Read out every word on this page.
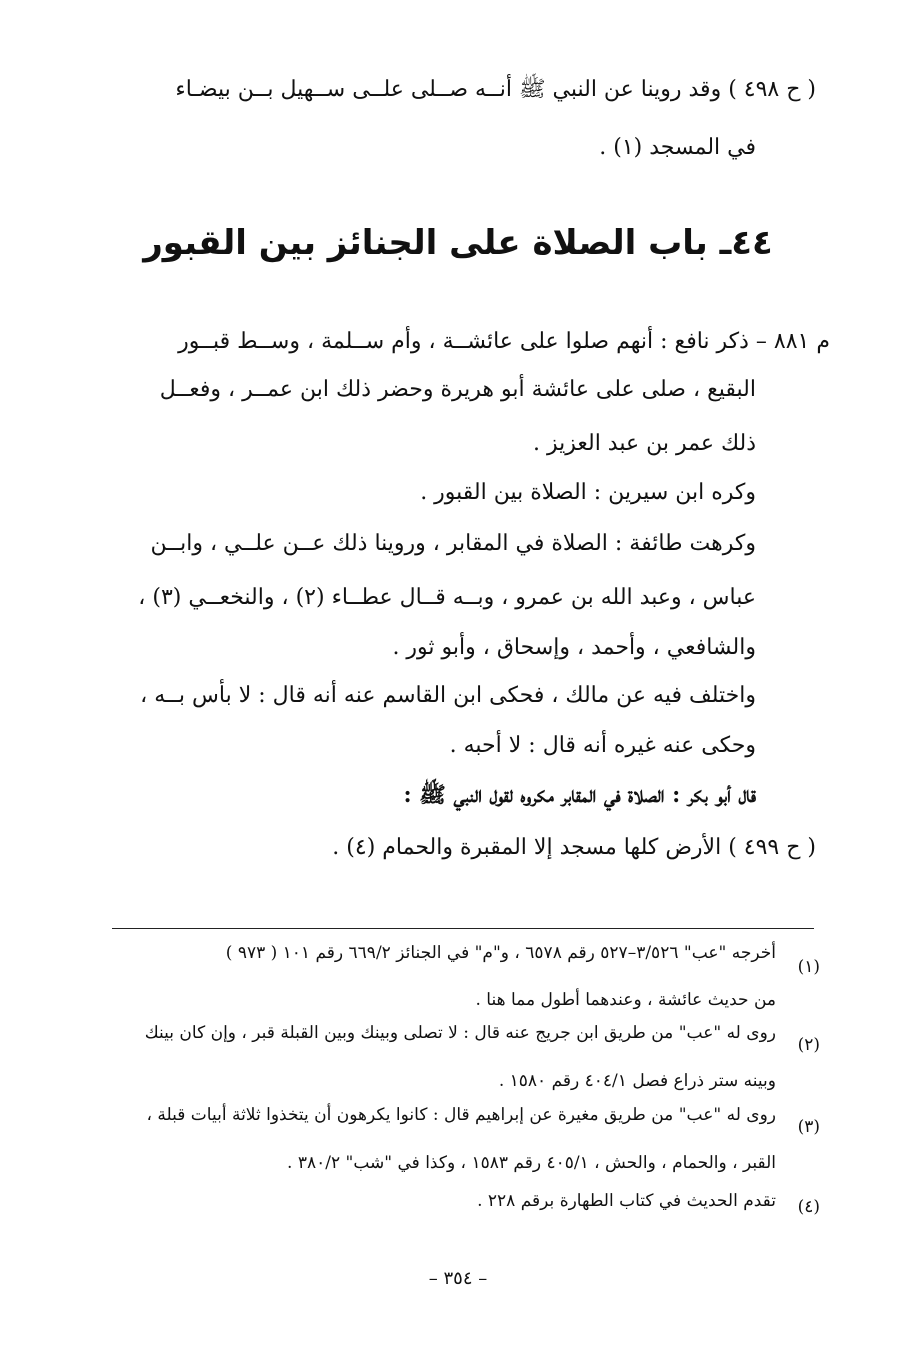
( ح ٤٩٨ ) وقد روينا عن النبي ﷺ أنــه صــلى علــى ســهيل بــن بيضـاء
في المسجد (١) .
٤٤ـ باب الصلاة على الجنائز بين القبور
م ٨٨١ – ذكر نافع : أنهم صلوا على عائشــة ، وأم ســلمة ، وســط قبــور
البقيع ، صلى على عائشة أبو هريرة وحضر ذلك ابن عمــر ، وفعــل
ذلك عمر بن عبد العزيز .
وكره ابن سيرين : الصلاة بين القبور .
وكرهت طائفة : الصلاة في المقابر ، وروينا ذلك عــن علــي ، وابــن
عباس ، وعبد الله بن عمرو ، وبــه قــال عطــاء (٢) ، والنخعــي (٣) ،
والشافعي ، وأحمد ، وإسحاق ، وأبو ثور .
واختلف فيه عن مالك ، فحكى ابن القاسم عنه أنه قال : لا بأس بــه ،
وحكى عنه غيره أنه قال : لا أحبه .
قال أبو بكر : الصلاة في المقابر مكروه لقول النبي ﷺ :
( ح ٤٩٩ ) الأرض كلها مسجد إلا المقبرة والحمام (٤) .
(١)
أخرجه "عب" ٣/٥٢٦–٥٢٧ رقم ٦٥٧٨ ، و"م" في الجنائز ٦٦٩/٢ رقم ١٠١ ( ٩٧٣ )
من حديث عائشة ، وعندهما أطول مما هنا .
(٢)
روى له "عب" من طريق ابن جريج عنه قال : لا تصلى وبينك وبين القبلة قبر ، وإن كان بينك
وبينه ستر ذراع فصل ٤٠٤/١ رقم ١٥٨٠ .
(٣)
روى له "عب" من طريق مغيرة عن إبراهيم قال : كانوا يكرهون أن يتخذوا ثلاثة أبيات قبلة ،
القبر ، والحمام ، والحش ، ٤٠٥/١ رقم ١٥٨٣ ، وكذا في "شب" ٣٨٠/٢ .
(٤)
تقدم الحديث في كتاب الطهارة برقم ٢٢٨ .
– ٣٥٤ –
